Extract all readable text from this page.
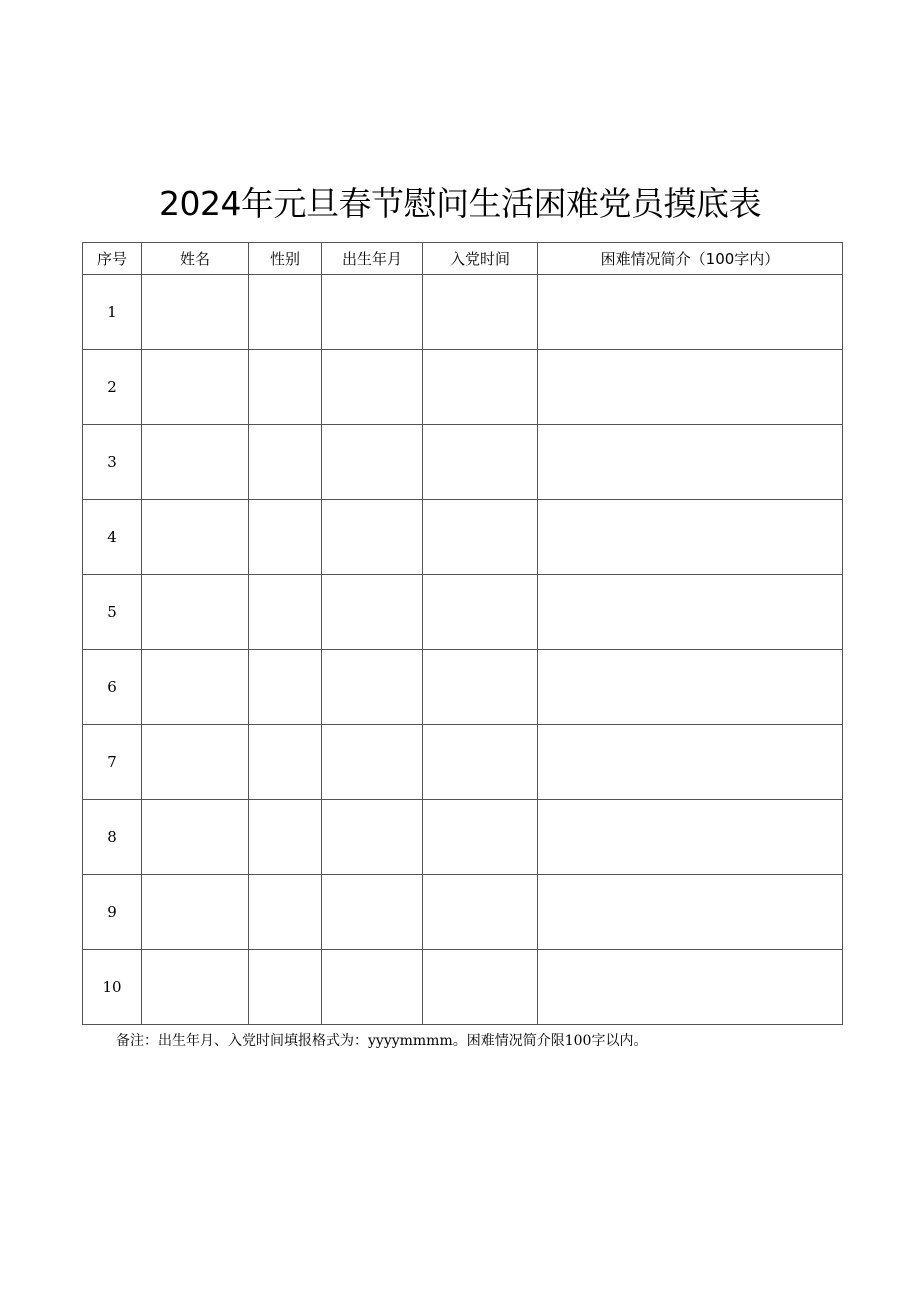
2024年元旦春节慰问生活困难党员摸底表
序号	姓名	性别	出生年月	入党时间	困难情况简介（100字内）
1					
2					
3					
4					
5					
6					
7					
8					
9					
10					
备注：出生年月、入党时间填报格式为：yyyymmmm。困难情况简介限100字以内。
